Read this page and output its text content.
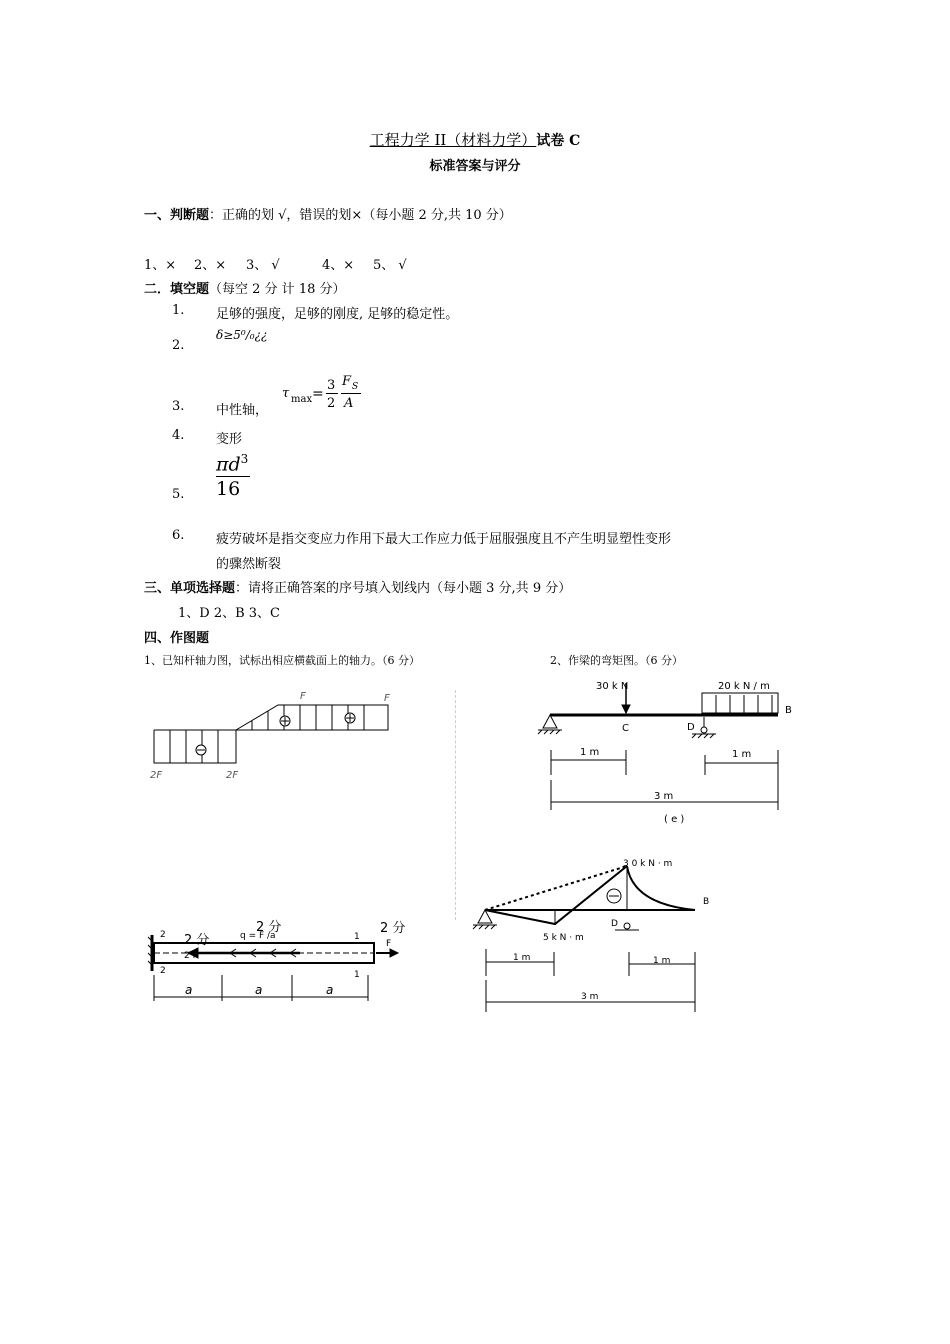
工程力学 II（材料力学）试卷 C
标准答案与评分
一、判断题：正确的划 √，错误的划×（每小题 2 分,共 10 分）
1、× 2、× 3、 √	4、× 5、 √
二．填空题（每空 2 分 计 18 分）
1. 足够的强度，足够的刚度, 足够的稳定性。
2.
δ≥5⁰/₀¿¿
3. 中性轴，
τ max =
3
2
F S
A
4. 变形
5.
$\pi d^3$
16
6. 疲劳破坏是指交变应力作用下最大工作应力低于屈服强度且不产生明显塑性变形
的骤然断裂
三、单项选择题：请将正确答案的序号填入划线内（每小题 3 分,共 9 分）
1、D 2、B 3、C
四、作图题
1、已知杆轴力图，试标出相应横截面上的轴力。（6 分）	2、作梁的弯矩图。（6 分）
F	F
2F	2F
30 k N	20 k N / m
C	D
B
1 m	1 m
3 m
( e )
2 分
2 分	2 分
q = F /a
2 F
F
2
2
1
1
a	a	a
3 0 k N · m
5 k N · m
B
D
1 m	1 m
3 m
